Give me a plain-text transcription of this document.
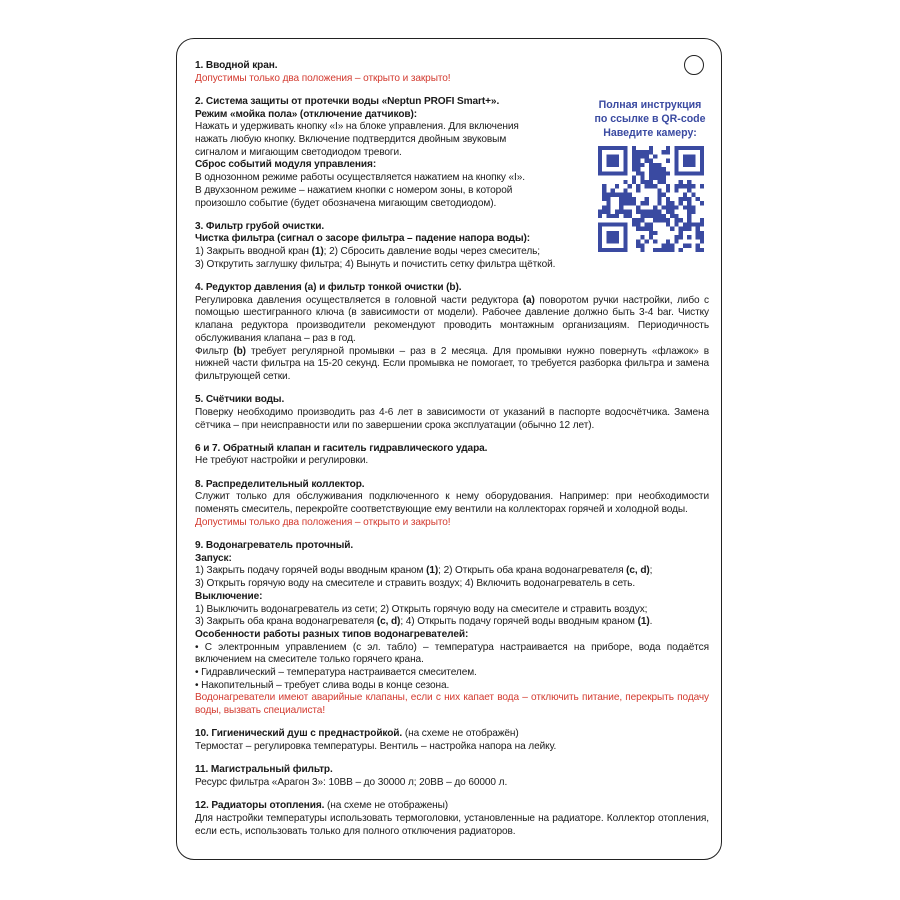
Полная инструкция
по ссылке в QR-code
Наведите камеру:

1. Вводной кран.

Допустимы только два положения – открыто и закрыто!

2. Система защиты от протечки воды «Neptun PROFI Smart+».

Режим «мойка пола» (отключение датчиков):

Нажать и удерживать кнопку «I» на блоке управления. Для включения

нажать любую кнопку. Включение подтвердится двойным звуковым

сигналом и мигающим светодиодом тревоги.

Сброс событий модуля управления:

В однозонном режиме работы осуществляется нажатием на кнопку «I».

В двухзонном режиме – нажатием кнопки с номером зоны, в которой

произошло событие (будет обозначена мигающим светодиодом).

3. Фильтр грубой очистки.

Чистка фильтра (сигнал о засоре фильтра – падение напора воды):

1) Закрыть вводной кран (1); 2) Сбросить давление воды через смеситель;

3) Открутить заглушку фильтра; 4) Вынуть и почистить сетку фильтра щёткой.

4. Редуктор давления (а) и фильтр тонкой очистки (b).

Регулировка давления осуществляется в головной части редуктора (а) поворотом ручки настройки, либо с помощью шестигранного ключа (в зависимости от модели). Рабочее давление должно быть 3-4 bar. Чистку клапана редуктора производители рекомендуют проводить монтажным организациям. Периодичность обслуживания клапана – раз в год.

Фильтр (b) требует регулярной промывки – раз в 2 месяца. Для промывки нужно повернуть «флажок» в нижней части фильтра на 15-20 секунд. Если промывка не помогает, то требуется разборка фильтра и замена фильтрующей сетки.

5. Счётчики воды.

Поверку необходимо производить раз 4-6 лет в зависимости от указаний в паспорте водосчётчика. Замена сётчика – при неисправности или по завершении срока эксплуатации (обычно 12 лет).

6 и 7. Обратный клапан и гаситель гидравлического удара.

Не требуют настройки и регулировки.

8. Распределительный коллектор.

Служит только для обслуживания подключенного к нему оборудования. Например: при необходимости поменять смеситель, перекройте соответствующие ему вентили на коллекторах горячей и холодной воды.

Допустимы только два положения – открыто и закрыто!

9. Водонагреватель проточный.

Запуск:

1) Закрыть подачу горячей воды вводным краном (1); 2) Открыть оба крана водонагревателя (c, d);

3) Открыть горячую воду на смесителе и стравить воздух; 4) Включить водонагреватель в сеть.

Выключение:

1) Выключить водонагреватель из сети; 2) Открыть горячую воду на смесителе и стравить воздух;

3) Закрыть оба крана водонагревателя (c, d); 4) Открыть подачу горячей воды вводным краном (1).

Особенности работы разных типов водонагревателей:

• С электронным управлением (с эл. табло) – температура настраивается на приборе, вода подаётся включением на смесителе только горячего крана.

• Гидравлический – температура настраивается смесителем.

• Накопительный – требует слива воды в конце сезона.

Водонагреватели имеют аварийные клапаны, если с них капает вода – отключить питание, перекрыть подачу воды, вызвать специалиста!

10. Гигиенический душ с преднастройкой. (на схеме не отображён)

Термостат – регулировка температуры. Вентиль – настройка напора на лейку.

11. Магистральный фильтр.

Ресурс фильтра «Арагон 3»: 10ВВ – до 30000 л; 20ВВ – до 60000 л.

12. Радиаторы отопления. (на схеме не отображены)

Для настройки температуры использовать термоголовки, установленные на радиаторе. Коллектор отопления, если есть, использовать только для полного отключения радиаторов.
